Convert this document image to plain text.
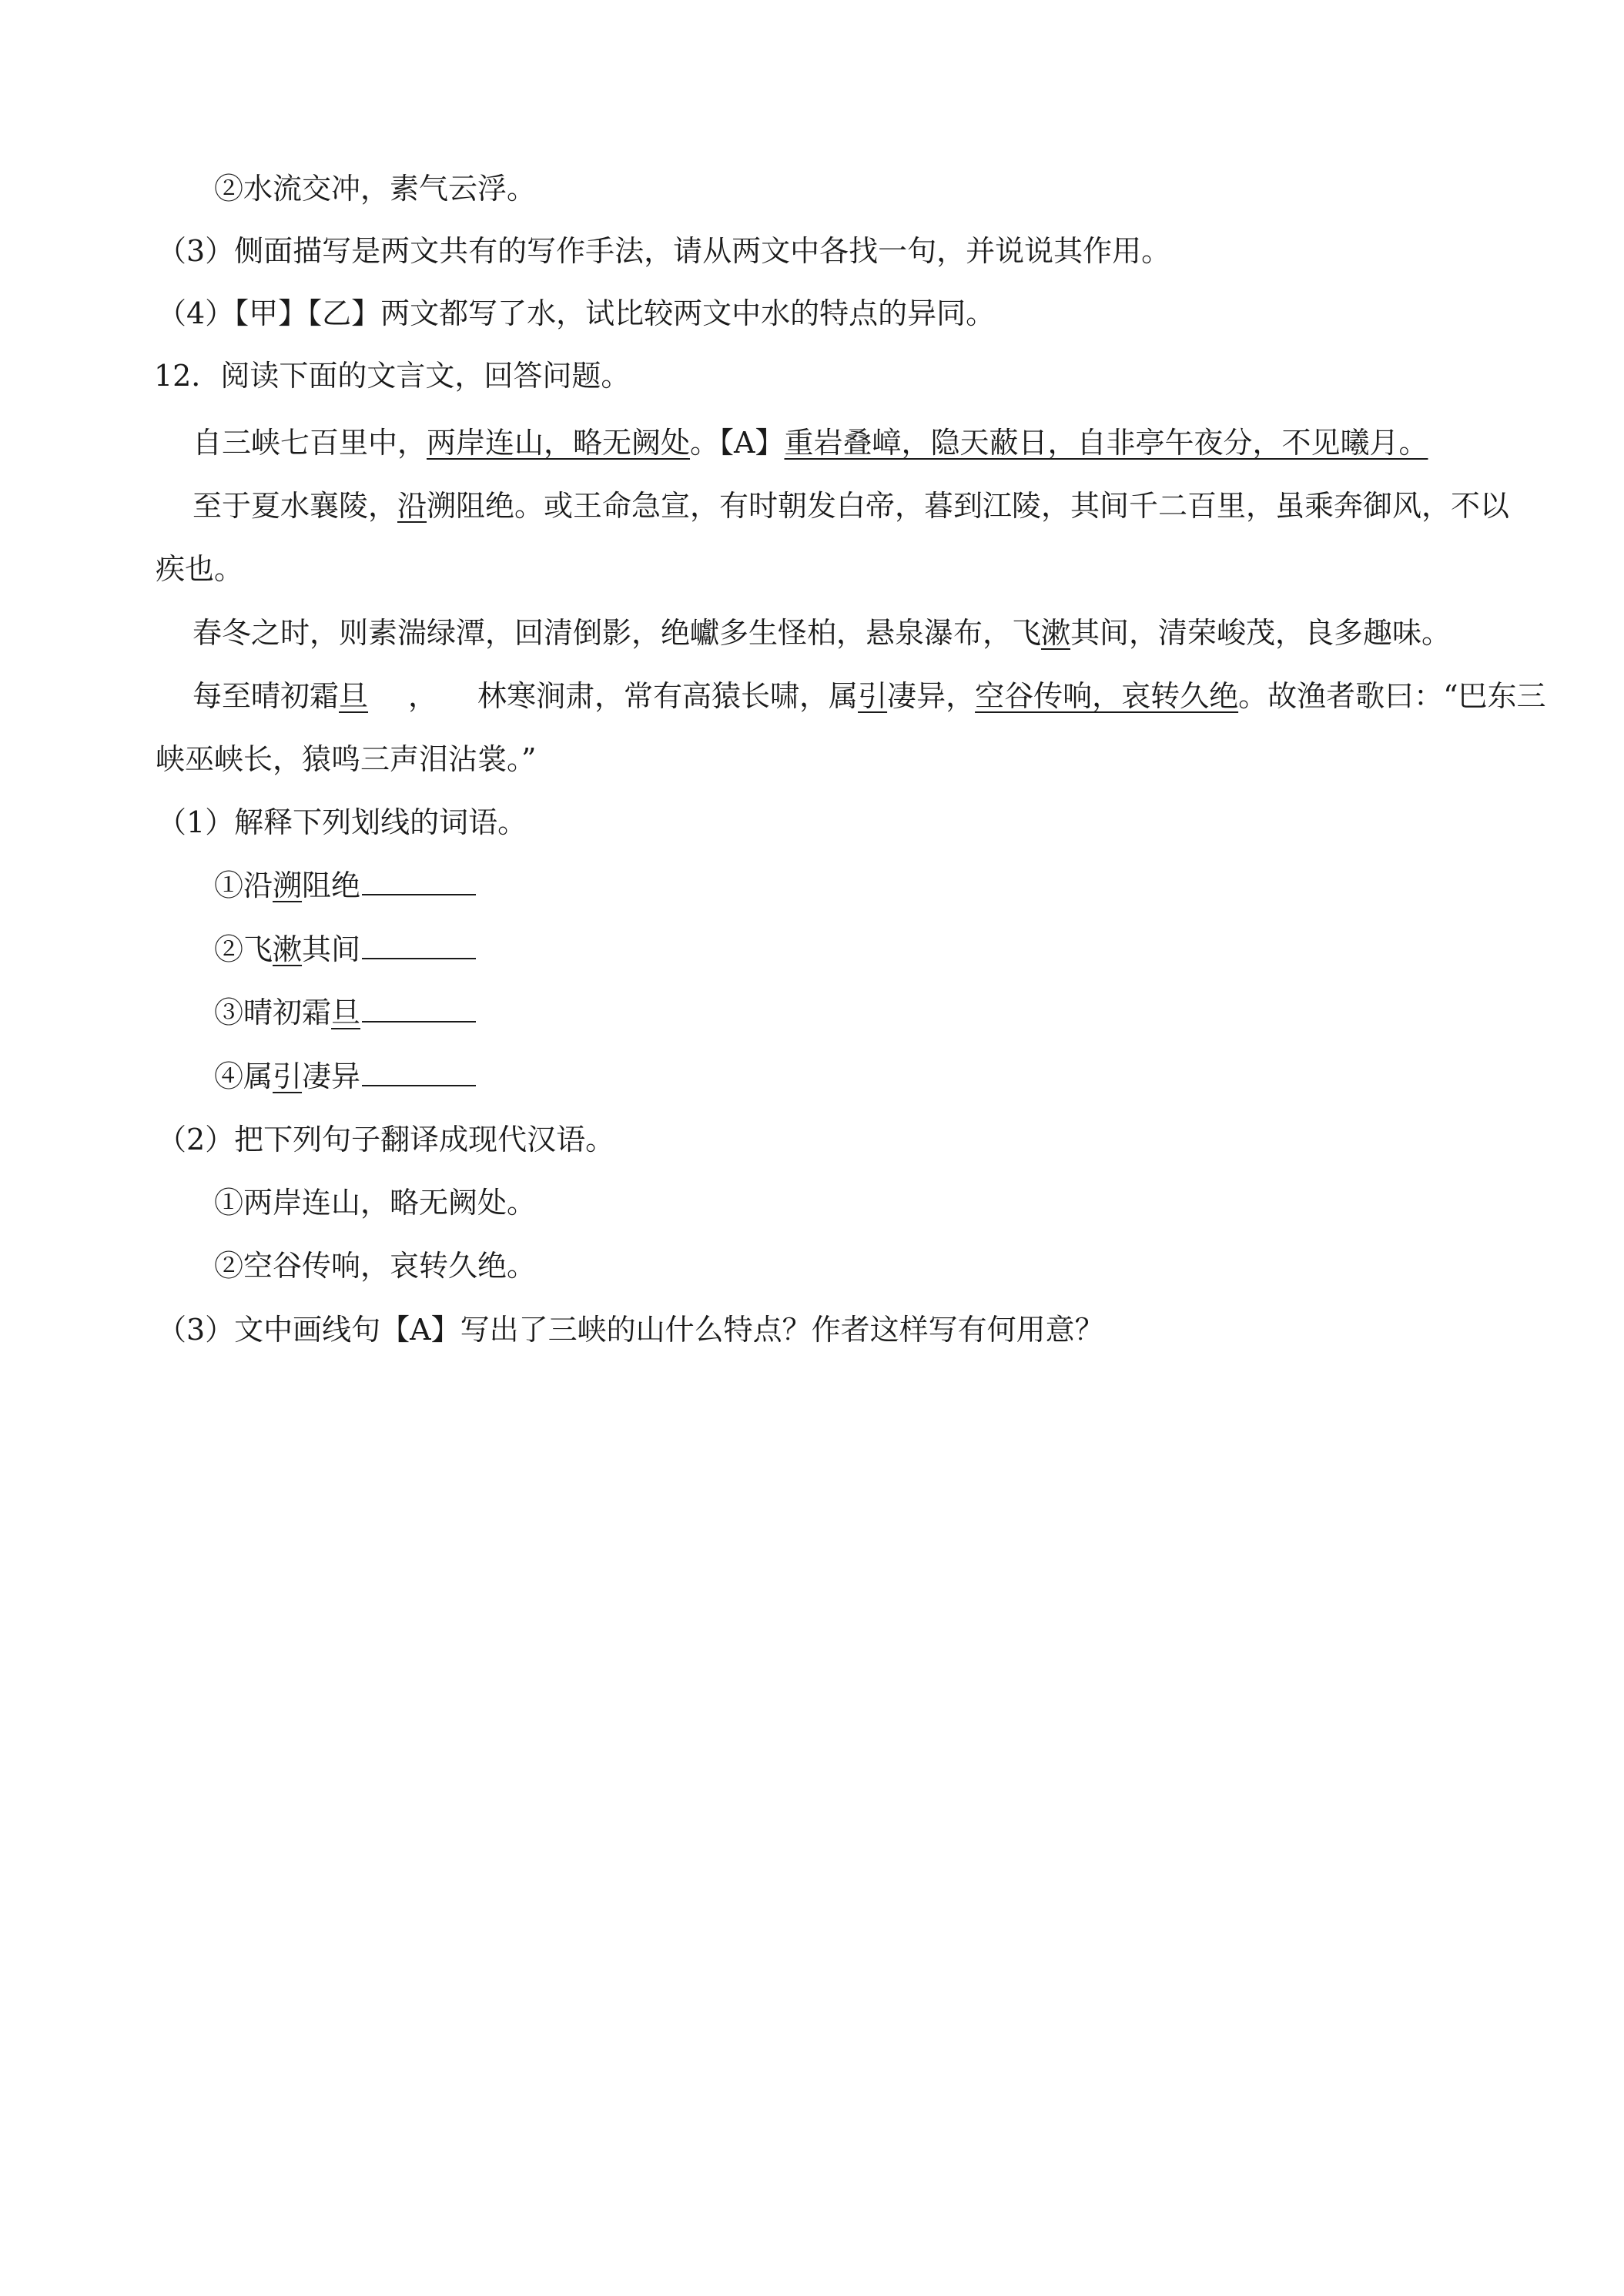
②水流交冲，素气云浮。
（3）侧面描写是两文共有的写作手法，请从两文中各找一句，并说说其作用。
（4）【甲】【乙】两文都写了水，试比较两文中水的特点的异同。
12．阅读下面的文言文，回答问题。
自三峡七百里中，两岸连山，略无阙处。【A】重岩叠嶂，隐天蔽日，自非亭午夜分，不见曦月。
至于夏水襄陵，沿溯阻绝。或王命急宣，有时朝发白帝，暮到江陵，其间千二百里，虽乘奔御风，不以
疾也。
春冬之时，则素湍绿潭，回清倒影，绝巘多生怪柏，悬泉瀑布，飞漱其间，清荣峻茂，良多趣味。
每至晴初霜旦 ， 林寒涧肃，常有高猿长啸，属引凄异，空谷传响，哀转久绝。故渔者歌曰：“巴东三
峡巫峡长，猿鸣三声泪沾裳。”
（1）解释下列划线的词语。
①沿溯阻绝
②飞漱其间
③晴初霜旦
④属引凄异
（2）把下列句子翻译成现代汉语。
①两岸连山，略无阙处。
②空谷传响，哀转久绝。
（3）文中画线句【A】写出了三峡的山什么特点？作者这样写有何用意？
